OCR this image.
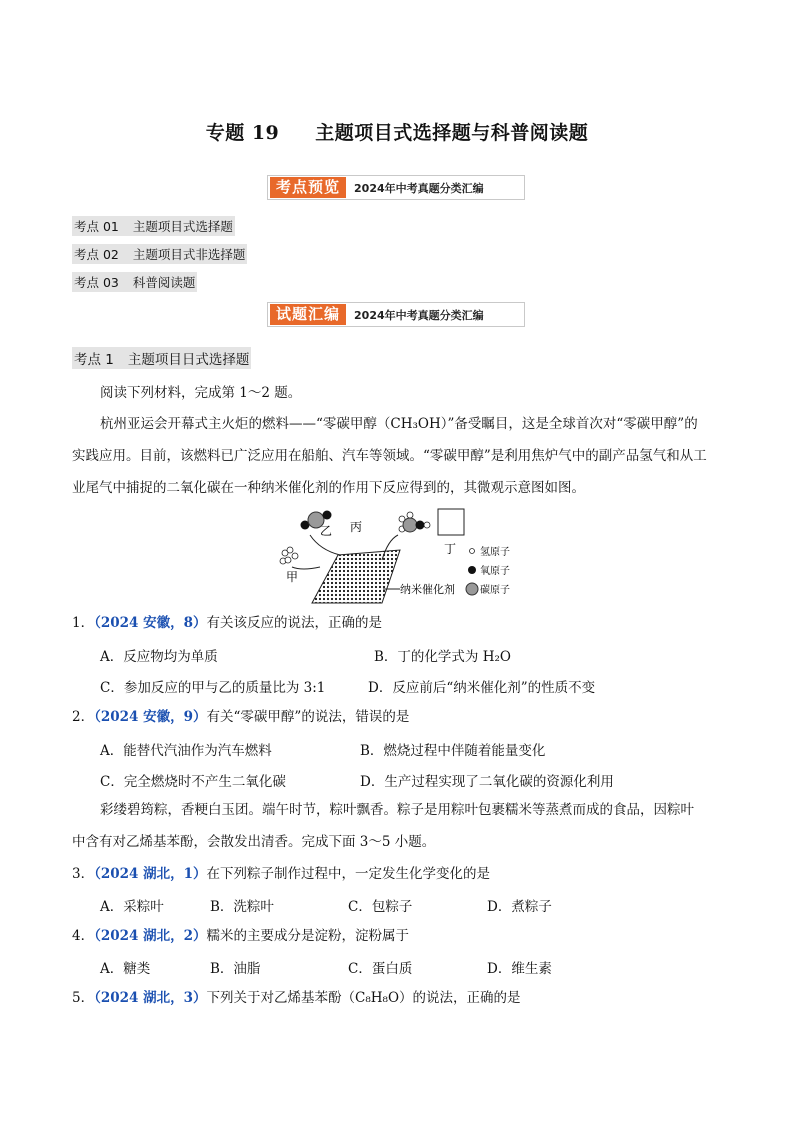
专题 19 主题项目式选择题与科普阅读题
考点预览	2024年中考真题分类汇编
考点 01 主题项目式选择题
考点 02 主题项目式非选择题
考点 03 科普阅读题
试题汇编	2024年中考真题分类汇编
考点 1 主题项目日式选择题
阅读下列材料，完成第 1～2 题。
杭州亚运会开幕式主火炬的燃料——“零碳甲醇（CH₃OH）”备受瞩目，这是全球首次对“零碳甲醇”的
实践应用。目前，该燃料已广泛应用在船舶、汽车等领域。“零碳甲醇”是利用焦炉气中的副产品氢气和从工
业尾气中捕捉的二氧化碳在一种纳米催化剂的作用下反应得到的，其微观示意图如图。
乙
甲
纳米催化剂
丙
丁 氢原子
氧原子
碳原子
1．（2024 安徽，8）有关该反应的说法，正确的是
A．反应物均为单质	B．丁的化学式为 H₂O
C．参加反应的甲与乙的质量比为 3:1	D．反应前后“纳米催化剂”的性质不变
2．（2024 安徽，9）有关“零碳甲醇”的说法，错误的是
A．能替代汽油作为汽车燃料	B．燃烧过程中伴随着能量变化
C．完全燃烧时不产生二氧化碳	D．生产过程实现了二氧化碳的资源化利用
彩缕碧筠粽，香粳白玉团。端午时节，粽叶飘香。粽子是用粽叶包裹糯米等蒸煮而成的食品，因粽叶
中含有对乙烯基苯酚，会散发出清香。完成下面 3～5 小题。
3．（2024 湖北，1）在下列粽子制作过程中，一定发生化学变化的是
A．采粽叶	B．洗粽叶	C．包粽子	D．煮粽子
4．（2024 湖北，2）糯米的主要成分是淀粉，淀粉属于
A．糖类	B．油脂	C．蛋白质	D．维生素
5．（2024 湖北，3）下列关于对乙烯基苯酚（C₈H₈O）的说法，正确的是
